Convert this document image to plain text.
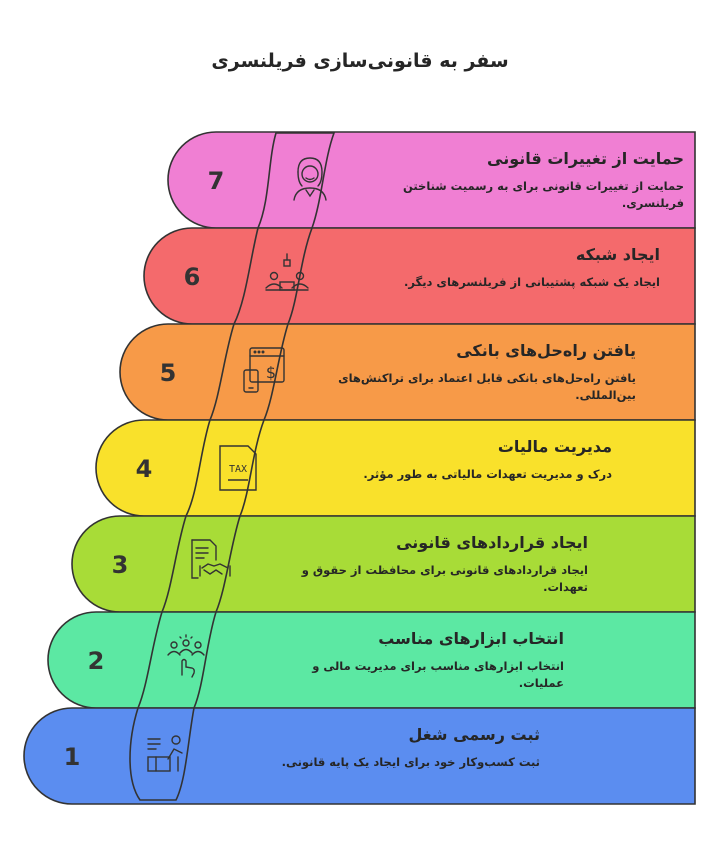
سفر به قانونی‌سازی فریلنسری
7
6
5
4
3
2
1
TAX
$
حمایت از تغییرات قانونی
حمایت از تغییرات قانونی برای به رسمیت شناختن فریلنسری.
ایجاد شبکه
ایجاد یک شبکه پشتیبانی از فریلنسرهای دیگر.
یافتن راه‌حل‌های بانکی
یافتن راه‌حل‌های بانکی قابل اعتماد برای تراکنش‌های بین‌المللی.
مدیریت مالیات
درک و مدیریت تعهدات مالیاتی به طور مؤثر.
ایجاد قراردادهای قانونی
ایجاد قراردادهای قانونی برای محافظت از حقوق و تعهدات.
انتخاب ابزارهای مناسب
انتخاب ابزارهای مناسب برای مدیریت مالی و عملیات.
ثبت رسمی شغل
ثبت کسب‌وکار خود برای ایجاد یک پایه قانونی.
